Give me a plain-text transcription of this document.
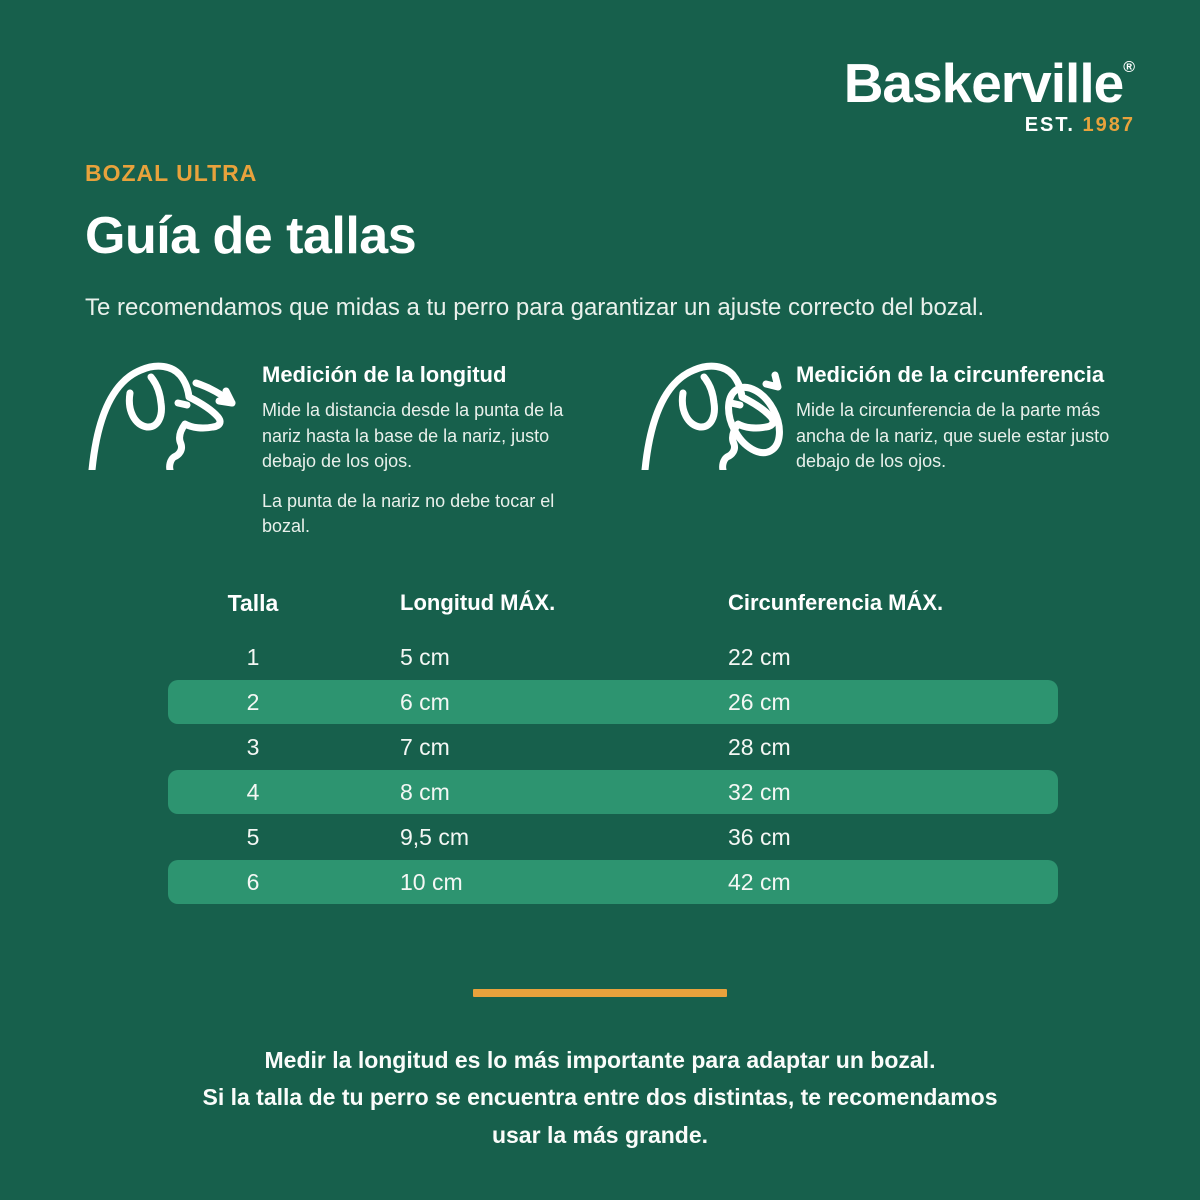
Baskerville®
EST. 1987
BOZAL ULTRA
Guía de tallas
Te recomendamos que midas a tu perro para garantizar un ajuste correcto del bozal.
Medición de la longitud

Mide la distancia desde la punta de la nariz hasta la base de la nariz, justo debajo de los ojos.

La punta de la nariz no debe tocar el bozal.

Medición de la circunferencia

Mide la circunferencia de la parte más ancha de la nariz, que suele estar justo debajo de los ojos.

Talla	Longitud MÁX.	Circunferencia MÁX.
1	5 cm	22 cm
2	6 cm	26 cm
3	7 cm	28 cm
4	8 cm	32 cm
5	9,5 cm	36 cm
6	10 cm	42 cm
Medir la longitud es lo más importante para adaptar un bozal.
Si la talla de tu perro se encuentra entre dos distintas, te recomendamos
usar la más grande.
